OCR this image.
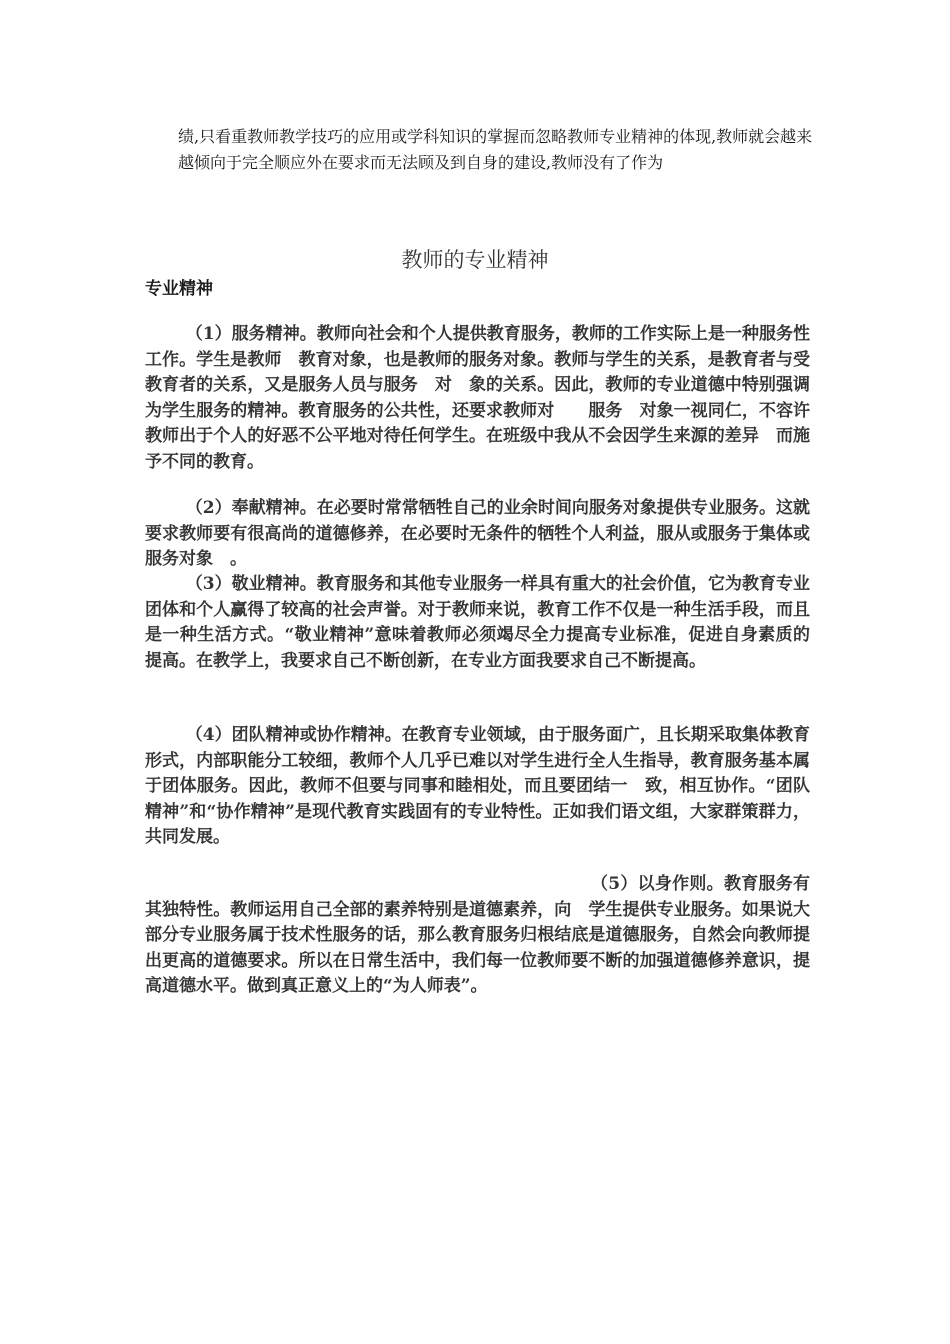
绩,只看重教师教学技巧的应用或学科知识的掌握而忽略教师专业精神的体现,教师就会越来越倾向于完全顺应外在要求而无法顾及到自身的建设,教师没有了作为

教师的专业精神
专业精神

（1）服务精神。教师向社会和个人提供教育服务，教师的工作实际上是一种服务性工作。学生是教师　教育对象，也是教师的服务对象。教师与学生的关系，是教育者与受教育者的关系，又是服务人员与服务　对　象的关系。因此，教师的专业道德中特别强调为学生服务的精神。教育服务的公共性，还要求教师对　　服务　对象一视同仁，不容许教师出于个人的好恶不公平地对待任何学生。在班级中我从不会因学生来源的差异　而施予不同的教育。

（2）奉献精神。在必要时常常牺牲自己的业余时间向服务对象提供专业服务。这就要求教师要有很高尚的道德修养，在必要时无条件的牺牲个人利益，服从或服务于集体或服务对象　。

（3）敬业精神。教育服务和其他专业服务一样具有重大的社会价值，它为教育专业团体和个人赢得了较高的社会声誉。对于教师来说，教育工作不仅是一种生活手段，而且是一种生活方式。“敬业精神”意味着教师必须竭尽全力提高专业标准，促进自身素质的提高。在教学上，我要求自己不断创新，在专业方面我要求自己不断提高。

（4）团队精神或协作精神。在教育专业领域，由于服务面广，且长期采取集体教育形式，内部职能分工较细，教师个人几乎已难以对学生进行全人生指导，教育服务基本属于团体服务。因此，教师不但要与同事和睦相处，而且要团结一　致，相互协作。“团队精神”和“协作精神”是现代教育实践固有的专业特性。正如我们语文组，大家群策群力，共同发展。

（5）以身作则。教育服务有其独特性。教师运用自己全部的素养特别是道德素养，向　学生提供专业服务。如果说大部分专业服务属于技术性服务的话，那么教育服务归根结底是道德服务，自然会向教师提出更高的道德要求。所以在日常生活中，我们每一位教师要不断的加强道德修养意识，提高道德水平。做到真正意义上的“为人师表”。
